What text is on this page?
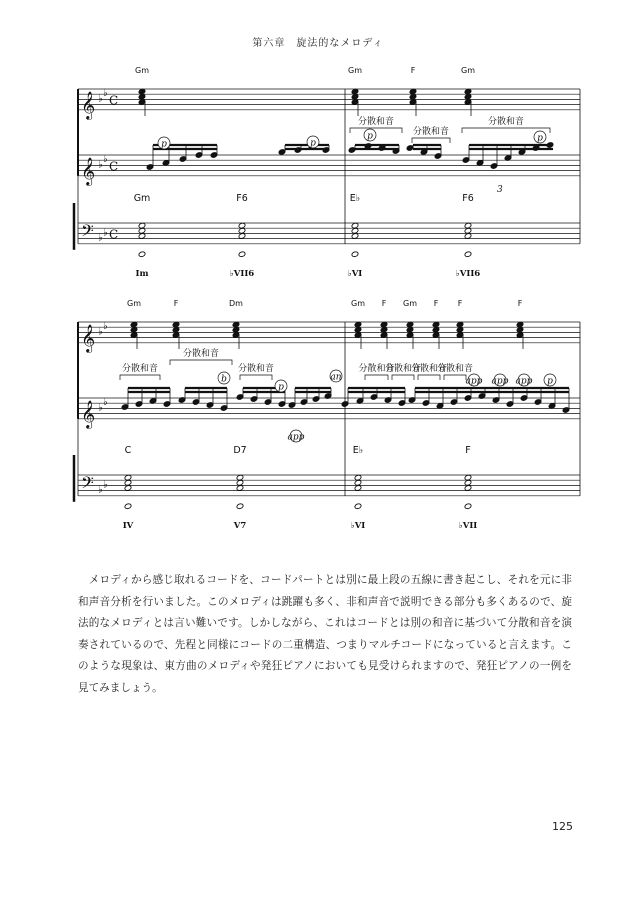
第六章　旋法的なメロディ
𝄞
𝄞
𝄢
♭ ♭
♭ ♭
♭ ♭
C
C
C
Gm	Gm	F	Gm
Gm
Im
F6
♭VII6
E♭
♭VI
F6
♭VII6
分散和音
分散和音
分散和音
p	p
p	p
3
𝄞
𝄞
𝄢
♭ ♭
♭ ♭
♭ ♭
Gm	F	Dm	Gm F Gm F F	F
C
IV
D7
V7
E♭
♭VI
F
♭VII
分散和音
分散和音
分散和音	分散和音
分散和音
分散和音
分散和音
b
p
an
app
app app app p
　メロディから感じ取れるコードを、コードパートとは別に最上段の五線に書き起こし、それを元に非和声音分析を行いました。このメロディは跳躍も多く、非和声音で説明できる部分も多くあるので、旋法的なメロディとは言い難いです。しかしながら、これはコードとは別の和音に基づいて分散和音を演奏されているので、先程と同様にコードの二重構造、つまりマルチコードになっていると言えます。このような現象は、東方曲のメロディや発狂ピアノにおいても見受けられますので、発狂ピアノの一例を見てみましょう。
125
